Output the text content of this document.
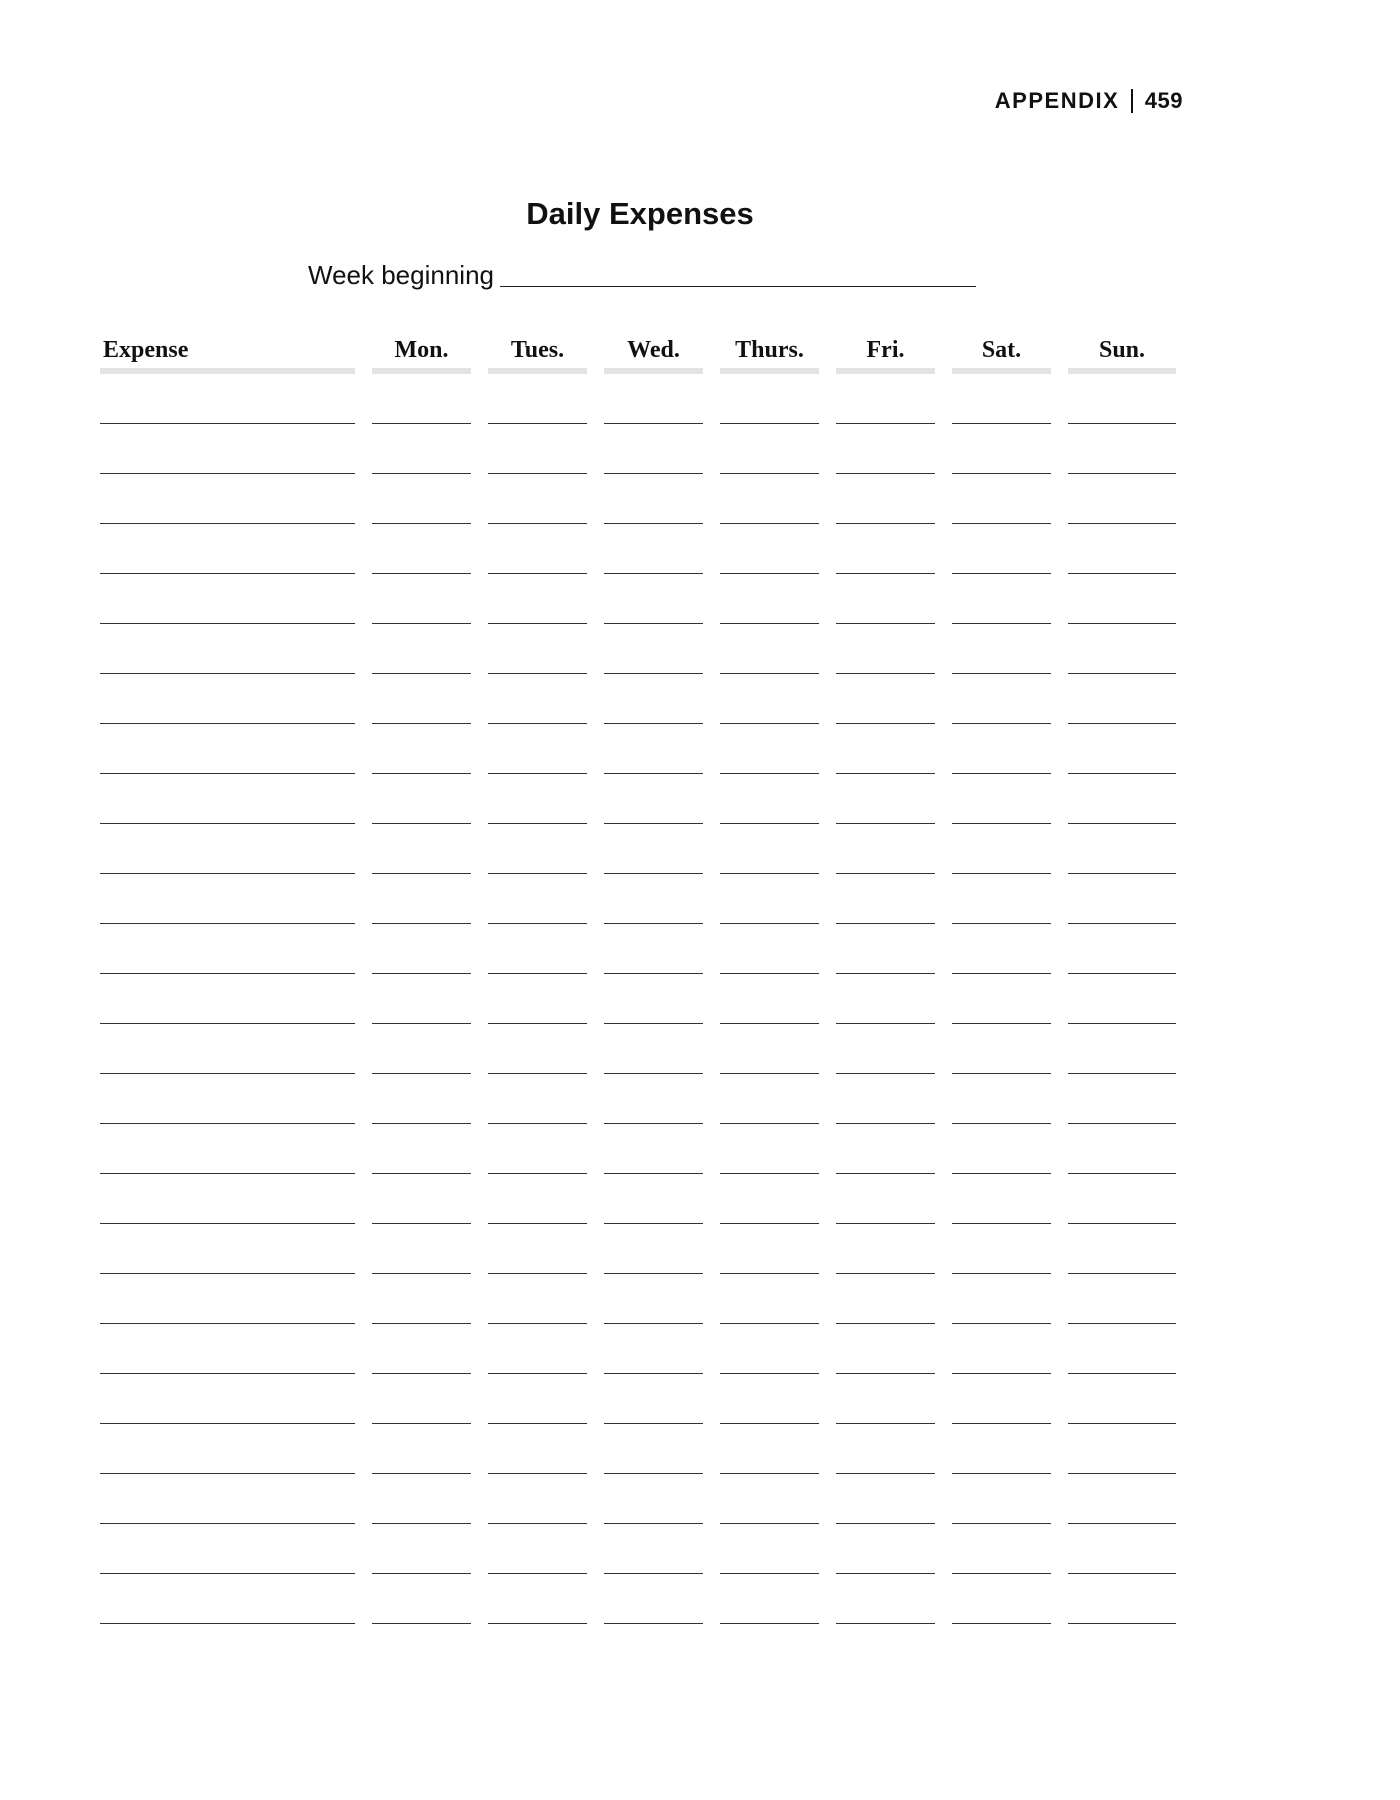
APPENDIX 459
Daily Expenses
Week beginning
Expense	Mon.	Tues.	Wed.	Thurs.	Fri.	Sat.	Sun.
